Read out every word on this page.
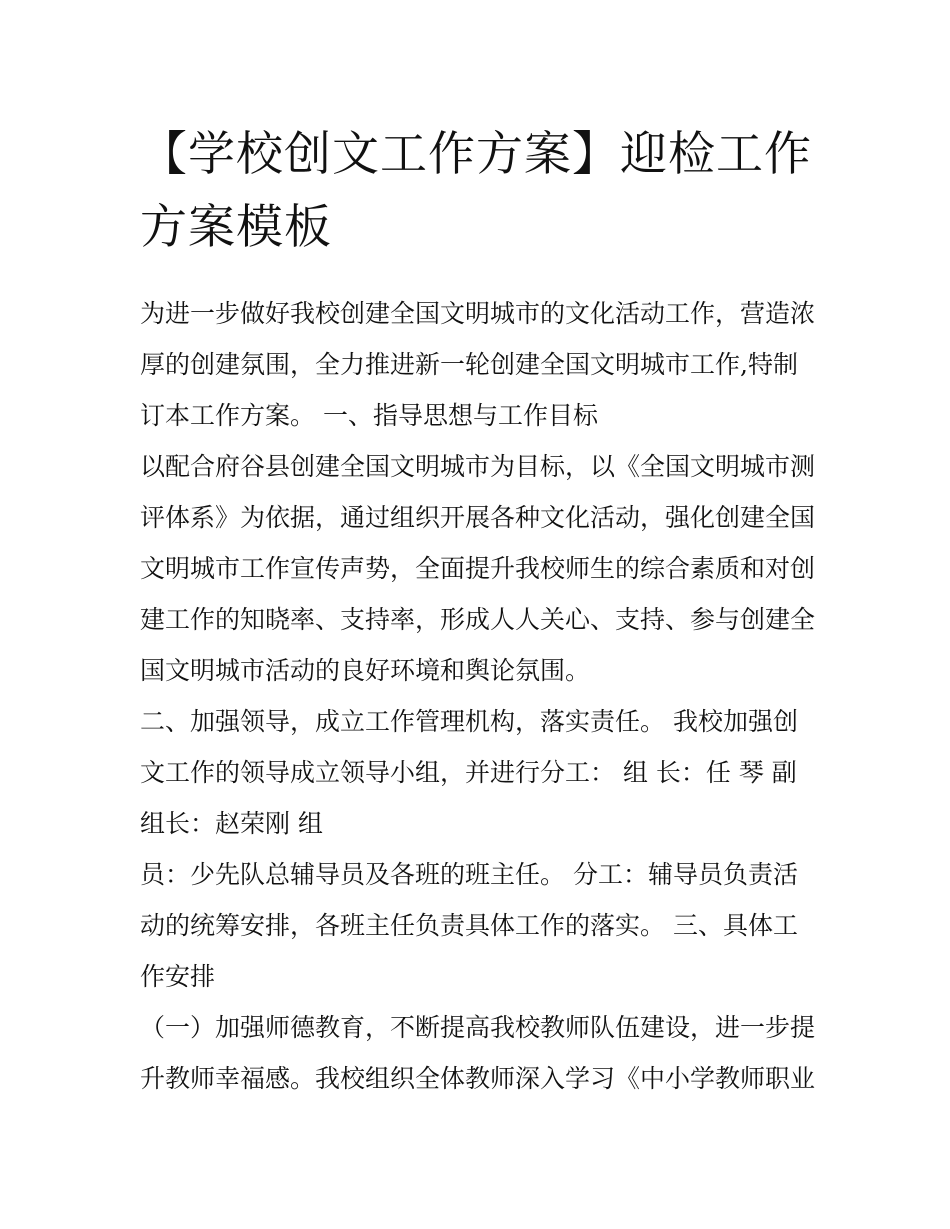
【学校创文工作方案】迎检工作方案模板

为进一步做好我校创建全国文明城市的文化活动工作，营造浓厚的创建氛围，全力推进新一轮创建全国文明城市工作,特制订本工作方案。 一、指导思想与工作目标

以配合府谷县创建全国文明城市为目标，以《全国文明城市测评体系》为依据，通过组织开展各种文化活动，强化创建全国文明城市工作宣传声势，全面提升我校师生的综合素质和对创建工作的知晓率、支持率，形成人人关心、支持、参与创建全国文明城市活动的良好环境和舆论氛围。

二、加强领导，成立工作管理机构，落实责任。 我校加强创文工作的领导成立领导小组，并进行分工： 组 长：任 琴 副组长：赵荣刚 组

员：少先队总辅导员及各班的班主任。 分工：辅导员负责活动的统筹安排，各班主任负责具体工作的落实。 三、具体工作安排

（一）加强师德教育，不断提高我校教师队伍建设，进一步提升教师幸福感。我校组织全体教师深入学习《中小学教师职业
